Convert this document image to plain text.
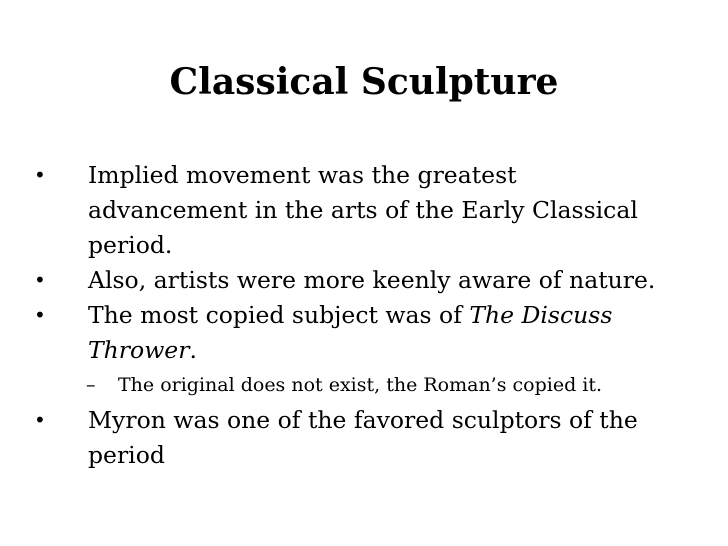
Classical Sculpture
•	Implied movement was the greatest advancement in the arts of the Early Classical period.
•	Also, artists were more keenly aware of nature.
•	The most copied subject was of The Discuss Thrower.
–	The original does not exist, the Roman’s copied it.
•	Myron was one of the favored sculptors of the period
